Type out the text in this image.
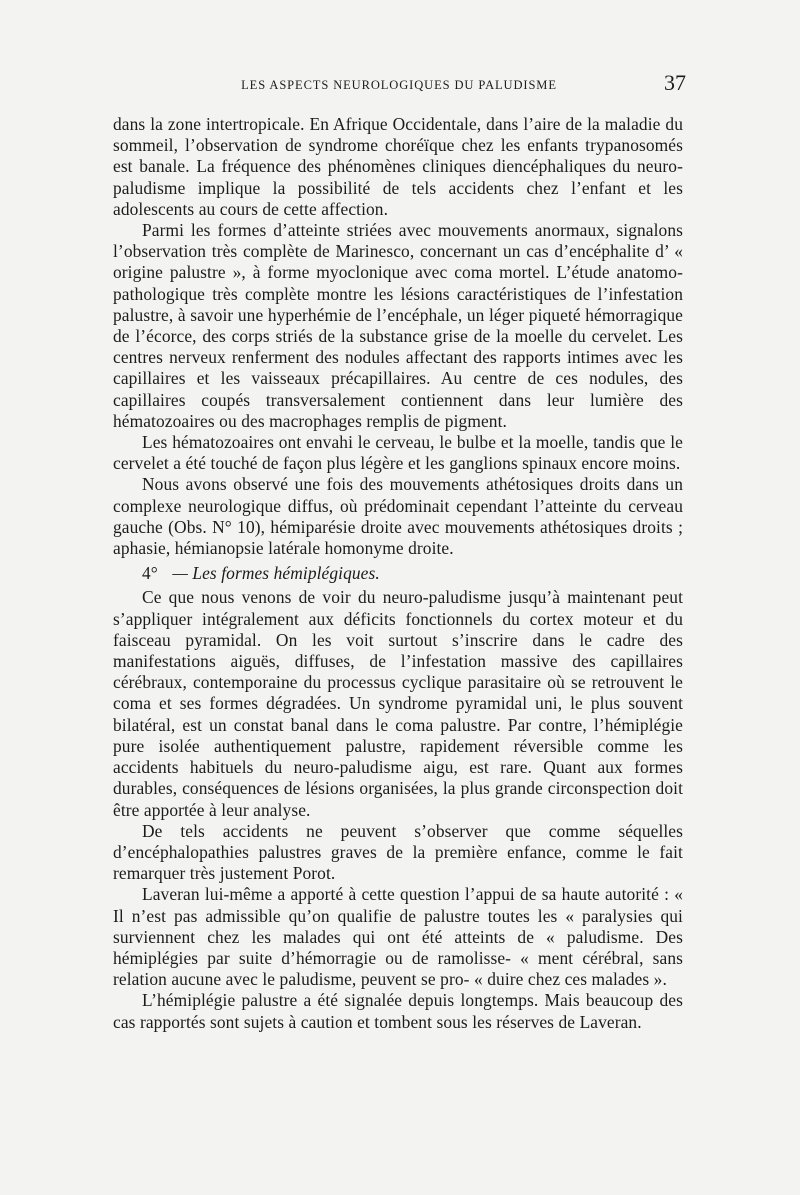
LES ASPECTS NEUROLOGIQUES DU PALUDISME	37

dans la zone intertropicale. En Afrique Occidentale, dans l’aire de la maladie du sommeil, l’observation de syndrome choréïque chez les enfants trypanosomés est banale. La fréquence des phénomènes cliniques diencéphaliques du neuro-paludisme implique la possibilité de tels accidents chez l’enfant et les adolescents au cours de cette affection.

Parmi les formes d’atteinte striées avec mouvements anormaux, signalons l’observation très complète de Marinesco, concernant un cas d’encéphalite d’ « origine palustre », à forme myoclonique avec coma mortel. L’étude anatomo-pathologique très complète montre les lésions caractéristiques de l’infestation palustre, à savoir une hyperhémie de l’encéphale, un léger piqueté hémorragique de l’écorce, des corps striés de la substance grise de la moelle du cervelet. Les centres nerveux renferment des nodules affectant des rapports intimes avec les capillaires et les vaisseaux précapillaires. Au centre de ces nodules, des capillaires coupés transversalement contiennent dans leur lumière des hématozoaires ou des macrophages remplis de pigment.

Les hématozoaires ont envahi le cerveau, le bulbe et la moelle, tandis que le cervelet a été touché de façon plus légère et les ganglions spinaux encore moins.

Nous avons observé une fois des mouvements athétosiques droits dans un complexe neurologique diffus, où prédominait cependant l’atteinte du cerveau gauche (Obs. N° 10), hémiparésie droite avec mouvements athétosiques droits ; aphasie, hémianopsie latérale homonyme droite.

4° — Les formes hémiplégiques.

Ce que nous venons de voir du neuro-paludisme jusqu’à maintenant peut s’appliquer intégralement aux déficits fonctionnels du cortex moteur et du faisceau pyramidal. On les voit surtout s’inscrire dans le cadre des manifestations aiguës, diffuses, de l’infestation massive des capillaires cérébraux, contemporaine du processus cyclique parasitaire où se retrouvent le coma et ses formes dégradées. Un syndrome pyramidal uni, le plus souvent bilatéral, est un constat banal dans le coma palustre. Par contre, l’hémiplégie pure isolée authentiquement palustre, rapidement réversible comme les accidents habituels du neuro-paludisme aigu, est rare. Quant aux formes durables, conséquences de lésions organisées, la plus grande circonspection doit être apportée à leur analyse.

De tels accidents ne peuvent s’observer que comme séquelles d’encéphalopathies palustres graves de la première enfance, comme le fait remarquer très justement Porot.

Laveran lui-même a apporté à cette question l’appui de sa haute autorité : « Il n’est pas admissible qu’on qualifie de palustre toutes les « paralysies qui surviennent chez les malades qui ont été atteints de « paludisme. Des hémiplégies par suite d’hémorragie ou de ramolisse- « ment cérébral, sans relation aucune avec le paludisme, peuvent se pro- « duire chez ces malades ».

L’hémiplégie palustre a été signalée depuis longtemps. Mais beaucoup des cas rapportés sont sujets à caution et tombent sous les réserves de Laveran.
